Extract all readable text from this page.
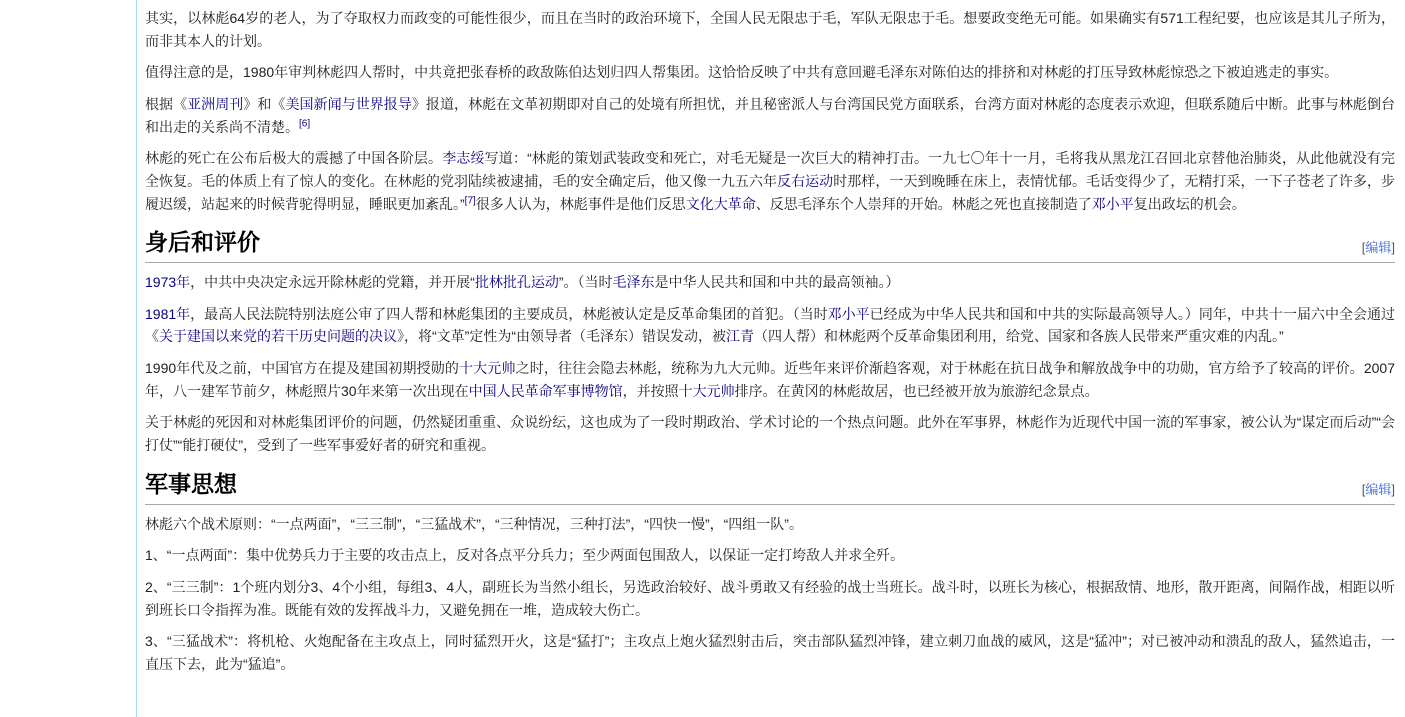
其实，以林彪64岁的老人，为了夺取权力而政变的可能性很少，而且在当时的政治环境下，全国人民无限忠于毛，军队无限忠于毛。想要政变绝无可能。如果确实有571工程纪要，也应该是其儿子所为，而非其本人的计划。

值得注意的是，1980年审判林彪四人帮时，中共竟把张春桥的政敌陈伯达划归四人帮集团。这恰恰反映了中共有意回避毛泽东对陈伯达的排挤和对林彪的打压导致林彪惊恐之下被迫逃走的事实。

根据《亚洲周刊》和《美国新闻与世界报导》报道，林彪在文革初期即对自己的处境有所担忧，并且秘密派人与台湾国民党方面联系，台湾方面对林彪的态度表示欢迎，但联系随后中断。此事与林彪倒台和出走的关系尚不清楚。[6]

林彪的死亡在公布后极大的震撼了中国各阶层。李志绥写道：“林彪的策划武装政变和死亡，对毛无疑是一次巨大的精神打击。一九七〇年十一月，毛将我从黑龙江召回北京替他治肺炎，从此他就没有完全恢复。毛的体质上有了惊人的变化。在林彪的党羽陆续被逮捕，毛的安全确定后，他又像一九五六年反右运动时那样，一天到晚睡在床上，表情忧郁。毛话变得少了，无精打采，一下子苍老了许多，步履迟缓，站起来的时候背驼得明显，睡眠更加紊乱。”[7]很多人认为，林彪事件是他们反思文化大革命、反思毛泽东个人崇拜的开始。林彪之死也直接制造了邓小平复出政坛的机会。

身后和评价	[编辑]

1973年，中共中央决定永远开除林彪的党籍，并开展“批林批孔运动”。（当时毛泽东是中华人民共和国和中共的最高领袖。）

1981年，最高人民法院特别法庭公审了四人帮和林彪集团的主要成员，林彪被认定是反革命集团的首犯。（当时邓小平已经成为中华人民共和国和中共的实际最高领导人。）同年，中共十一届六中全会通过《关于建国以来党的若干历史问题的决议》，将“文革”定性为“由领导者（毛泽东）错误发动，被江青（四人帮）和林彪两个反革命集团利用，给党、国家和各族人民带来严重灾难的内乱。”

1990年代及之前，中国官方在提及建国初期授勋的十大元帅之时，往往会隐去林彪，统称为九大元帅。近些年来评价渐趋客观，对于林彪在抗日战争和解放战争中的功勋，官方给予了较高的评价。2007年，八一建军节前夕，林彪照片30年来第一次出现在中国人民革命军事博物馆，并按照十大元帅排序。在黄冈的林彪故居，也已经被开放为旅游纪念景点。

关于林彪的死因和对林彪集团评价的问题，仍然疑团重重、众说纷纭，这也成为了一段时期政治、学术讨论的一个热点问题。此外在军事界，林彪作为近现代中国一流的军事家，被公认为“谋定而后动”“会打仗”“能打硬仗”，受到了一些军事爱好者的研究和重视。

军事思想	[编辑]

林彪六个战术原则：“一点两面”，“三三制”，“三猛战术”，“三种情况，三种打法”，“四快一慢”，“四组一队”。

1、“一点两面”：集中优势兵力于主要的攻击点上，反对各点平分兵力；至少两面包围敌人，以保证一定打垮敌人并求全歼。

2、“三三制”：1个班内划分3、4个小组，每组3、4人，副班长为当然小组长，另选政治较好、战斗勇敢又有经验的战士当班长。战斗时，以班长为核心，根据敌情、地形，散开距离，间隔作战，相距以听到班长口令指挥为准。既能有效的发挥战斗力，又避免拥在一堆，造成较大伤亡。

3、“三猛战术”：将机枪、火炮配备在主攻点上，同时猛烈开火，这是“猛打”；主攻点上炮火猛烈射击后，突击部队猛烈冲锋，建立刺刀血战的威风，这是“猛冲”；对已被冲动和溃乱的敌人，猛然追击，一直压下去，此为“猛追”。
